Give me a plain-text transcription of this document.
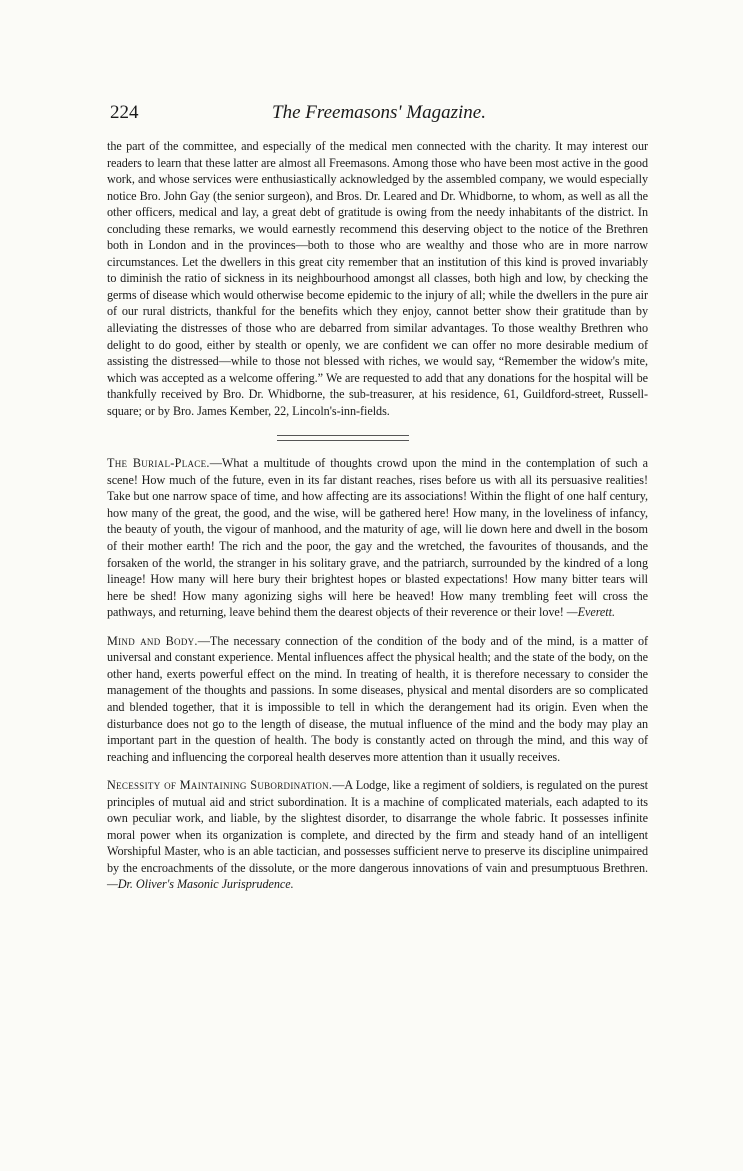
224	The Freemasons' Magazine.

the part of the committee, and especially of the medical men connected with the charity. It may interest our readers to learn that these latter are almost all Freemasons. Among those who have been most active in the good work, and whose services were enthusiastically acknowledged by the assembled company, we would especially notice Bro. John Gay (the senior surgeon), and Bros. Dr. Leared and Dr. Whidborne, to whom, as well as all the other officers, medical and lay, a great debt of gratitude is owing from the needy inhabitants of the district. In concluding these remarks, we would earnestly recommend this deserving object to the notice of the Brethren both in London and in the provinces—both to those who are wealthy and those who are in more narrow circumstances. Let the dwellers in this great city remember that an institution of this kind is proved invariably to diminish the ratio of sickness in its neighbourhood amongst all classes, both high and low, by checking the germs of disease which would otherwise become epidemic to the injury of all; while the dwellers in the pure air of our rural districts, thankful for the benefits which they enjoy, cannot better show their gratitude than by alleviating the distresses of those who are debarred from similar advantages. To those wealthy Brethren who delight to do good, either by stealth or openly, we are confident we can offer no more desirable medium of assisting the distressed—while to those not blessed with riches, we would say, “Remember the widow's mite, which was accepted as a welcome offering.” We are requested to add that any donations for the hospital will be thankfully received by Bro. Dr. Whidborne, the sub-treasurer, at his residence, 61, Guildford-street, Russell-square; or by Bro. James Kember, 22, Lincoln's-inn-fields.

The Burial-Place.—What a multitude of thoughts crowd upon the mind in the contemplation of such a scene! How much of the future, even in its far distant reaches, rises before us with all its persuasive realities! Take but one narrow space of time, and how affecting are its associations! Within the flight of one half century, how many of the great, the good, and the wise, will be gathered here! How many, in the loveliness of infancy, the beauty of youth, the vigour of manhood, and the maturity of age, will lie down here and dwell in the bosom of their mother earth! The rich and the poor, the gay and the wretched, the favourites of thousands, and the forsaken of the world, the stranger in his solitary grave, and the patriarch, surrounded by the kindred of a long lineage! How many will here bury their brightest hopes or blasted expectations! How many bitter tears will here be shed! How many agonizing sighs will here be heaved! How many trembling feet will cross the pathways, and returning, leave behind them the dearest objects of their reverence or their love! —Everett.

Mind and Body.—The necessary connection of the condition of the body and of the mind, is a matter of universal and constant experience. Mental influences affect the physical health; and the state of the body, on the other hand, exerts powerful effect on the mind. In treating of health, it is therefore necessary to consider the management of the thoughts and passions. In some diseases, physical and mental disorders are so complicated and blended together, that it is impossible to tell in which the derangement had its origin. Even when the disturbance does not go to the length of disease, the mutual influence of the mind and the body may play an important part in the question of health. The body is constantly acted on through the mind, and this way of reaching and influencing the corporeal health deserves more attention than it usually receives.

Necessity of Maintaining Subordination.—A Lodge, like a regiment of soldiers, is regulated on the purest principles of mutual aid and strict subordination. It is a machine of complicated materials, each adapted to its own peculiar work, and liable, by the slightest disorder, to disarrange the whole fabric. It possesses infinite moral power when its organization is complete, and directed by the firm and steady hand of an intelligent Worshipful Master, who is an able tactician, and possesses sufficient nerve to preserve its discipline unimpaired by the encroachments of the dissolute, or the more dangerous innovations of vain and presumptuous Brethren.—Dr. Oliver's Masonic Jurisprudence.
